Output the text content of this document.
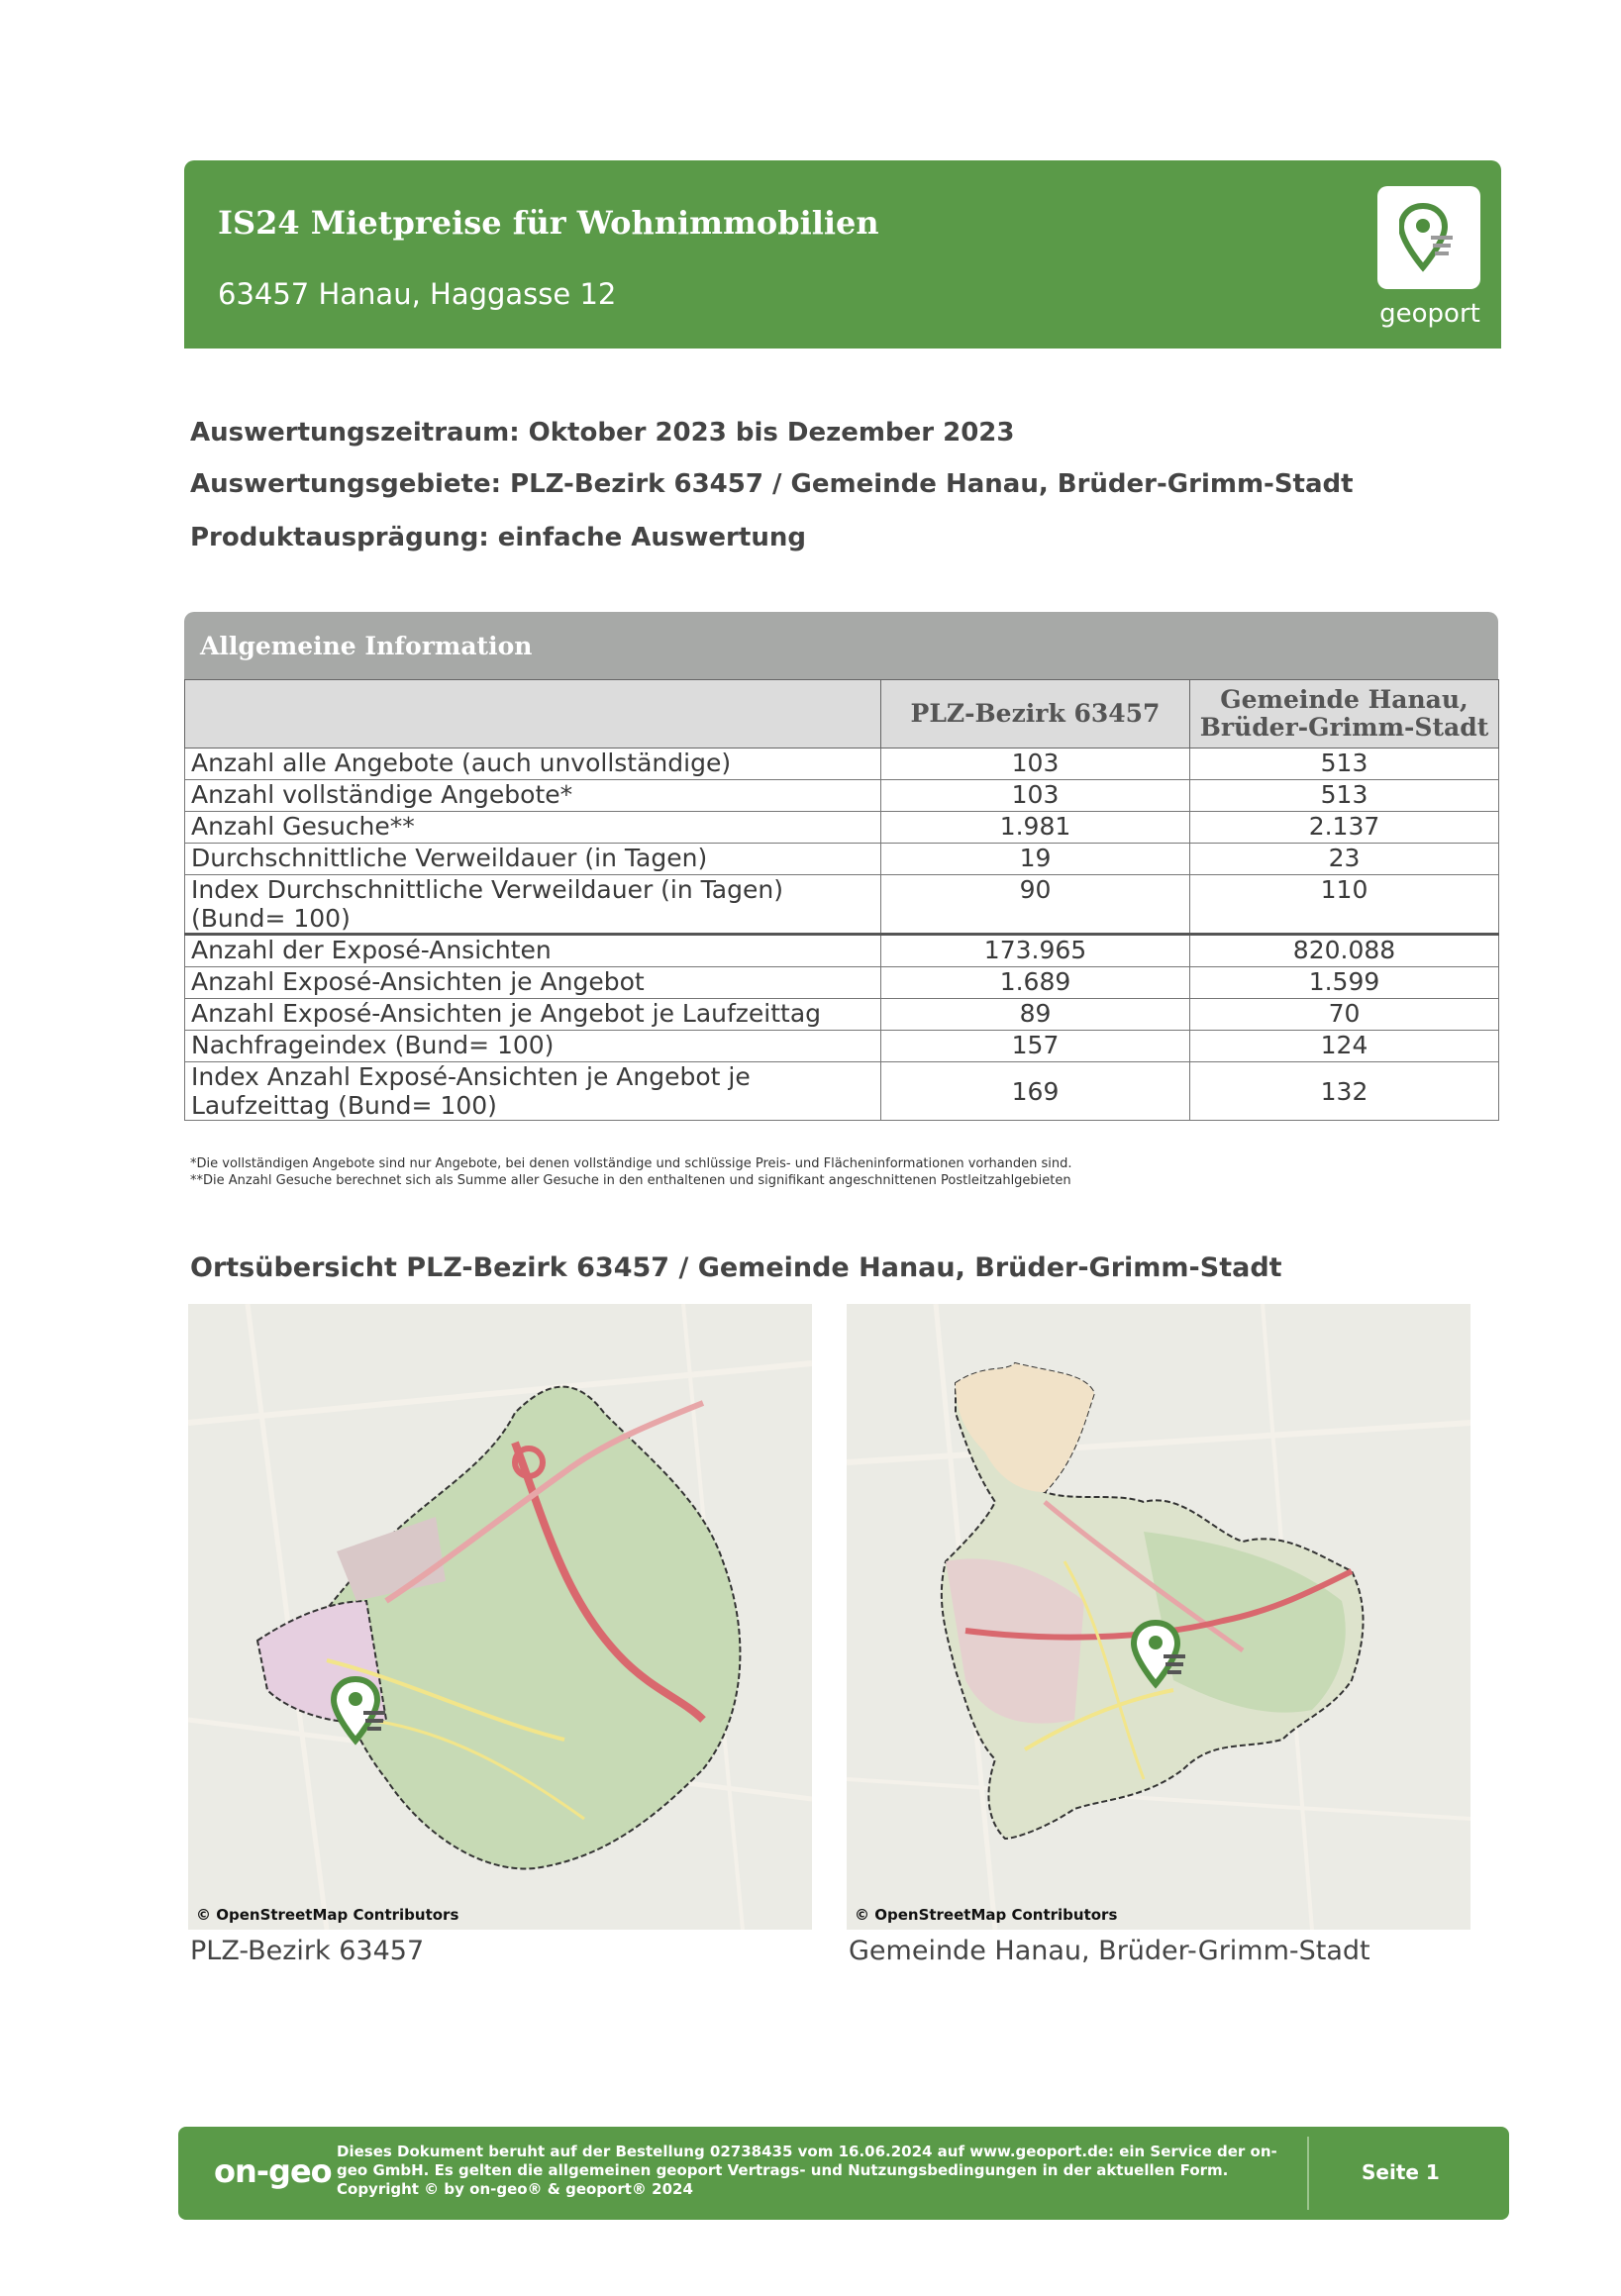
IS24 Mietpreise für Wohnimmobilien
63457 Hanau, Haggasse 12
geoport
Auswertungszeitraum: Oktober 2023 bis Dezember 2023
Auswertungsgebiete: PLZ-Bezirk 63457 / Gemeinde Hanau, Brüder-Grimm-Stadt
Produktausprägung: einfache Auswertung
Allgemeine Information
	PLZ-Bezirk 63457	Gemeinde Hanau,
Brüder-Grimm-Stadt
Anzahl alle Angebote (auch unvollständige)	103	513
Anzahl vollständige Angebote*	103	513
Anzahl Gesuche**	1.981	2.137
Durchschnittliche Verweildauer (in Tagen)	19	23
Index Durchschnittliche Verweildauer (in Tagen)
(Bund= 100)	90	110
Anzahl der Exposé-Ansichten	173.965	820.088
Anzahl Exposé-Ansichten je Angebot	1.689	1.599
Anzahl Exposé-Ansichten je Angebot je Laufzeittag	89	70
Nachfrageindex (Bund= 100)	157	124
Index Anzahl Exposé-Ansichten je Angebot je
Laufzeittag (Bund= 100)	169	132
*Die vollständigen Angebote sind nur Angebote, bei denen vollständige und schlüssige Preis- und Flächeninformationen vorhanden sind.
**Die Anzahl Gesuche berechnet sich als Summe aller Gesuche in den enthaltenen und signifikant angeschnittenen Postleitzahlgebieten
Ortsübersicht PLZ-Bezirk 63457 / Gemeinde Hanau, Brüder-Grimm-Stadt
© OpenStreetMap Contributors	© OpenStreetMap Contributors
PLZ-Bezirk 63457	Gemeinde Hanau, Brüder-Grimm-Stadt
on-geo
Dieses Dokument beruht auf der Bestellung 02738435 vom 16.06.2024 auf www.geoport.de: ein Service der on-geo GmbH. Es gelten die allgemeinen geoport Vertrags- und Nutzungsbedingungen in der aktuellen Form. Copyright © by on-geo® & geoport® 2024
Seite 1
